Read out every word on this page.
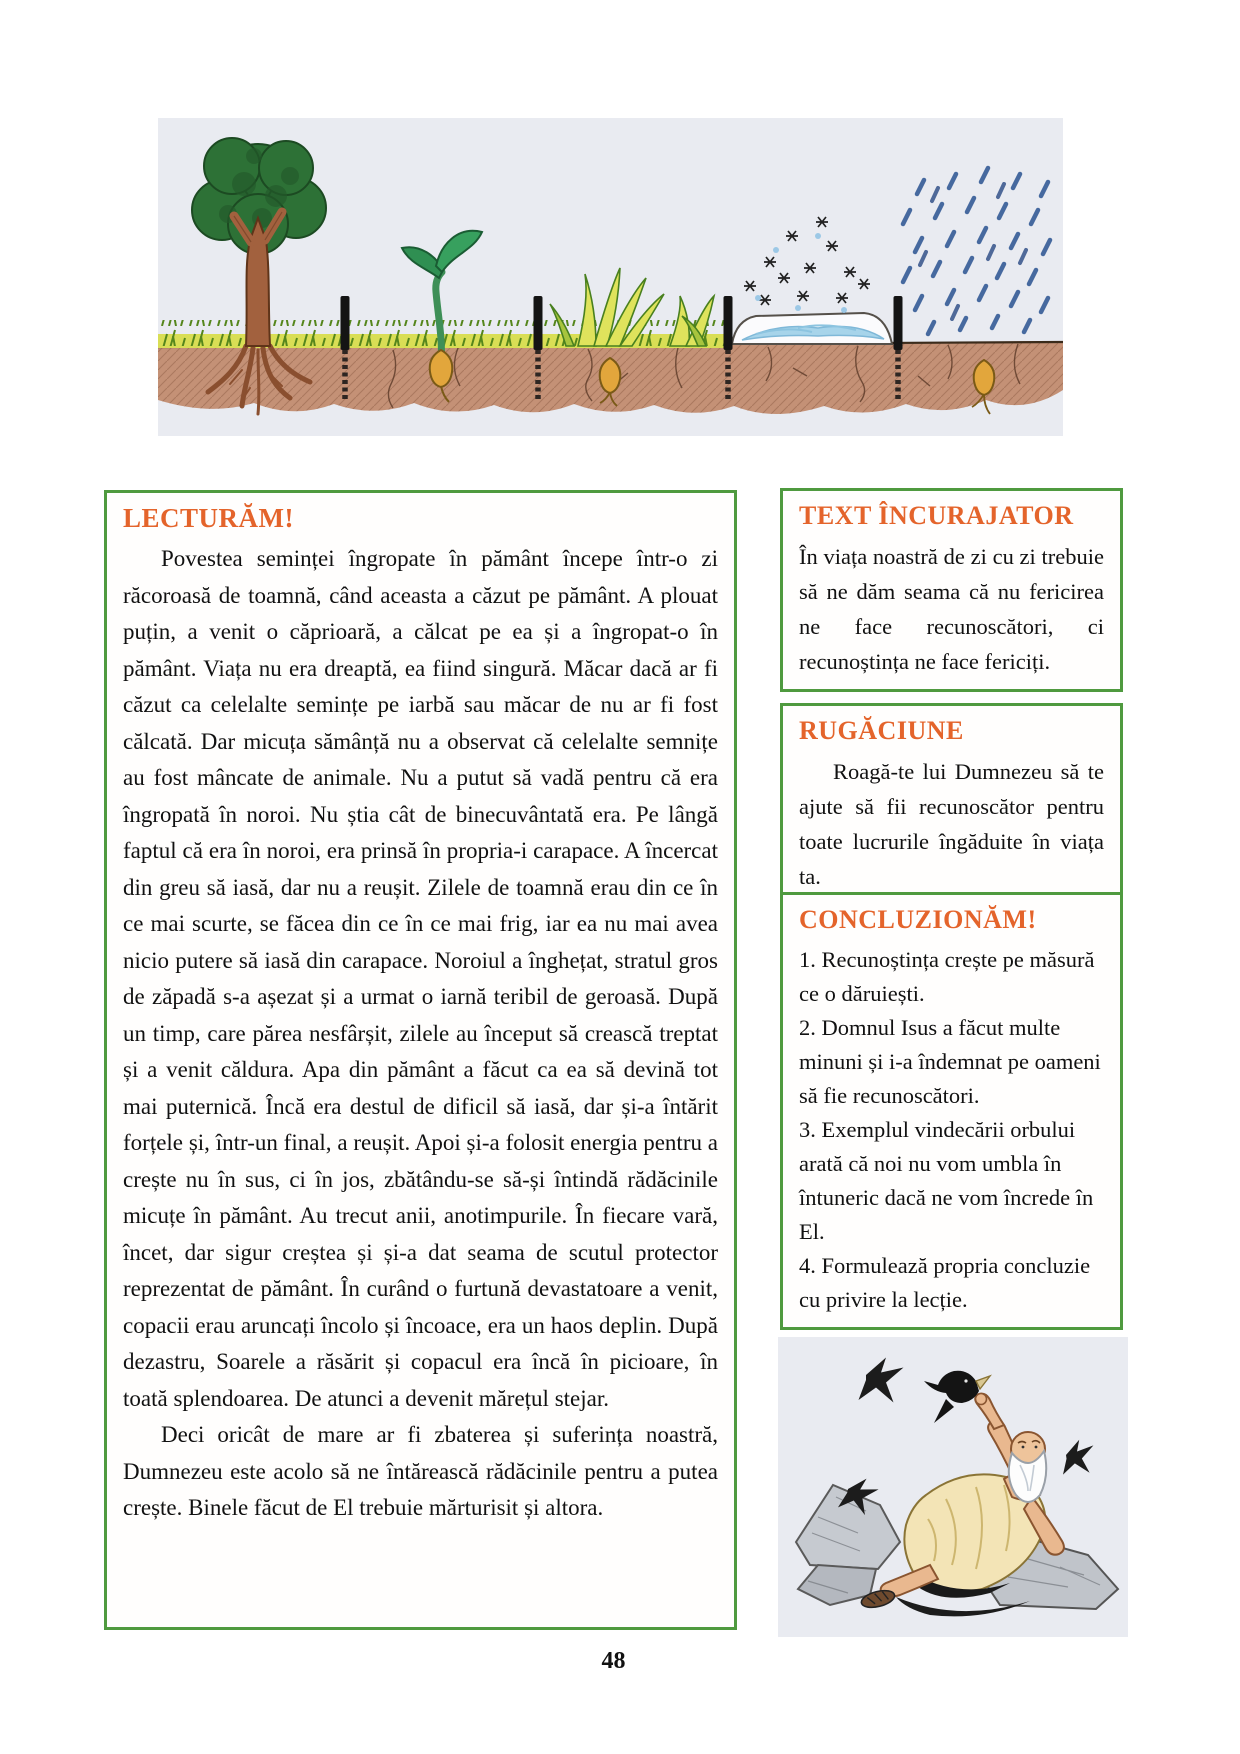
LECTURĂM!

Povestea seminței îngropate în pământ începe într-o zi răcoroasă de toamnă, când aceasta a căzut pe pământ. A plouat puțin, a venit o căprioară, a călcat pe ea și a îngropat-o în pământ. Viața nu era dreaptă, ea fiind singură. Măcar dacă ar fi căzut ca celelalte semințe pe iarbă sau măcar de nu ar fi fost călcată. Dar micuța sămânță nu a observat că celelalte semnițe au fost mâncate de animale. Nu a putut să vadă pentru că era îngropată în noroi. Nu știa cât de binecuvântată era. Pe lângă faptul că era în noroi, era prinsă în propria-i carapace. A încercat din greu să iasă, dar nu a reușit. Zilele de toamnă erau din ce în ce mai scurte, se făcea din ce în ce mai frig, iar ea nu mai avea nicio putere să iasă din carapace. Noroiul a înghețat, stratul gros de zăpadă s-a așezat și a urmat o iarnă teribil de geroasă. După un timp, care părea nesfârșit, zilele au început să crească treptat și a venit căldura. Apa din pământ a făcut ca ea să devină tot mai puternică. Încă era destul de dificil să iasă, dar și-a întărit forțele și, într-un final, a reușit. Apoi și-a folosit energia pentru a crește nu în sus, ci în jos, zbătându-se să-și întindă rădăcinile micuțe în pământ. Au trecut anii, anotimpurile. În fiecare vară, încet, dar sigur creștea și și-a dat seama de scutul protector reprezentat de pământ. În curând o furtună devastatoare a venit, copacii erau aruncați încolo și încoace, era un haos deplin. După dezastru, Soarele a răsărit și copacul era încă în picioare, în toată splendoarea. De atunci a devenit mărețul stejar.

Deci oricât de mare ar fi zbaterea și suferința noastră, Dumnezeu este acolo să ne întărească rădăcinile pentru a putea crește. Binele făcut de El trebuie mărturisit și altora.

TEXT ÎNCURAJATOR

În viața noastră de zi cu zi trebuie să ne dăm seama că nu fericirea ne face recunoscători, ci recunoștința ne face fericiți.

RUGĂCIUNE

Roagă-te lui Dumnezeu să te ajute să fii recunoscător pentru toate lucrurile îngăduite în viața ta.

CONCLUZIONĂM!
1. Recunoștința crește pe măsură ce o dăruiești.
2. Domnul Isus a făcut multe minuni și i-a îndemnat pe oameni să fie recunoscători.
3. Exemplul vindecării orbului arată că noi nu vom umbla în întuneric dacă ne vom încrede în El.
4. Formulează propria concluzie cu privire la lecție.
48
